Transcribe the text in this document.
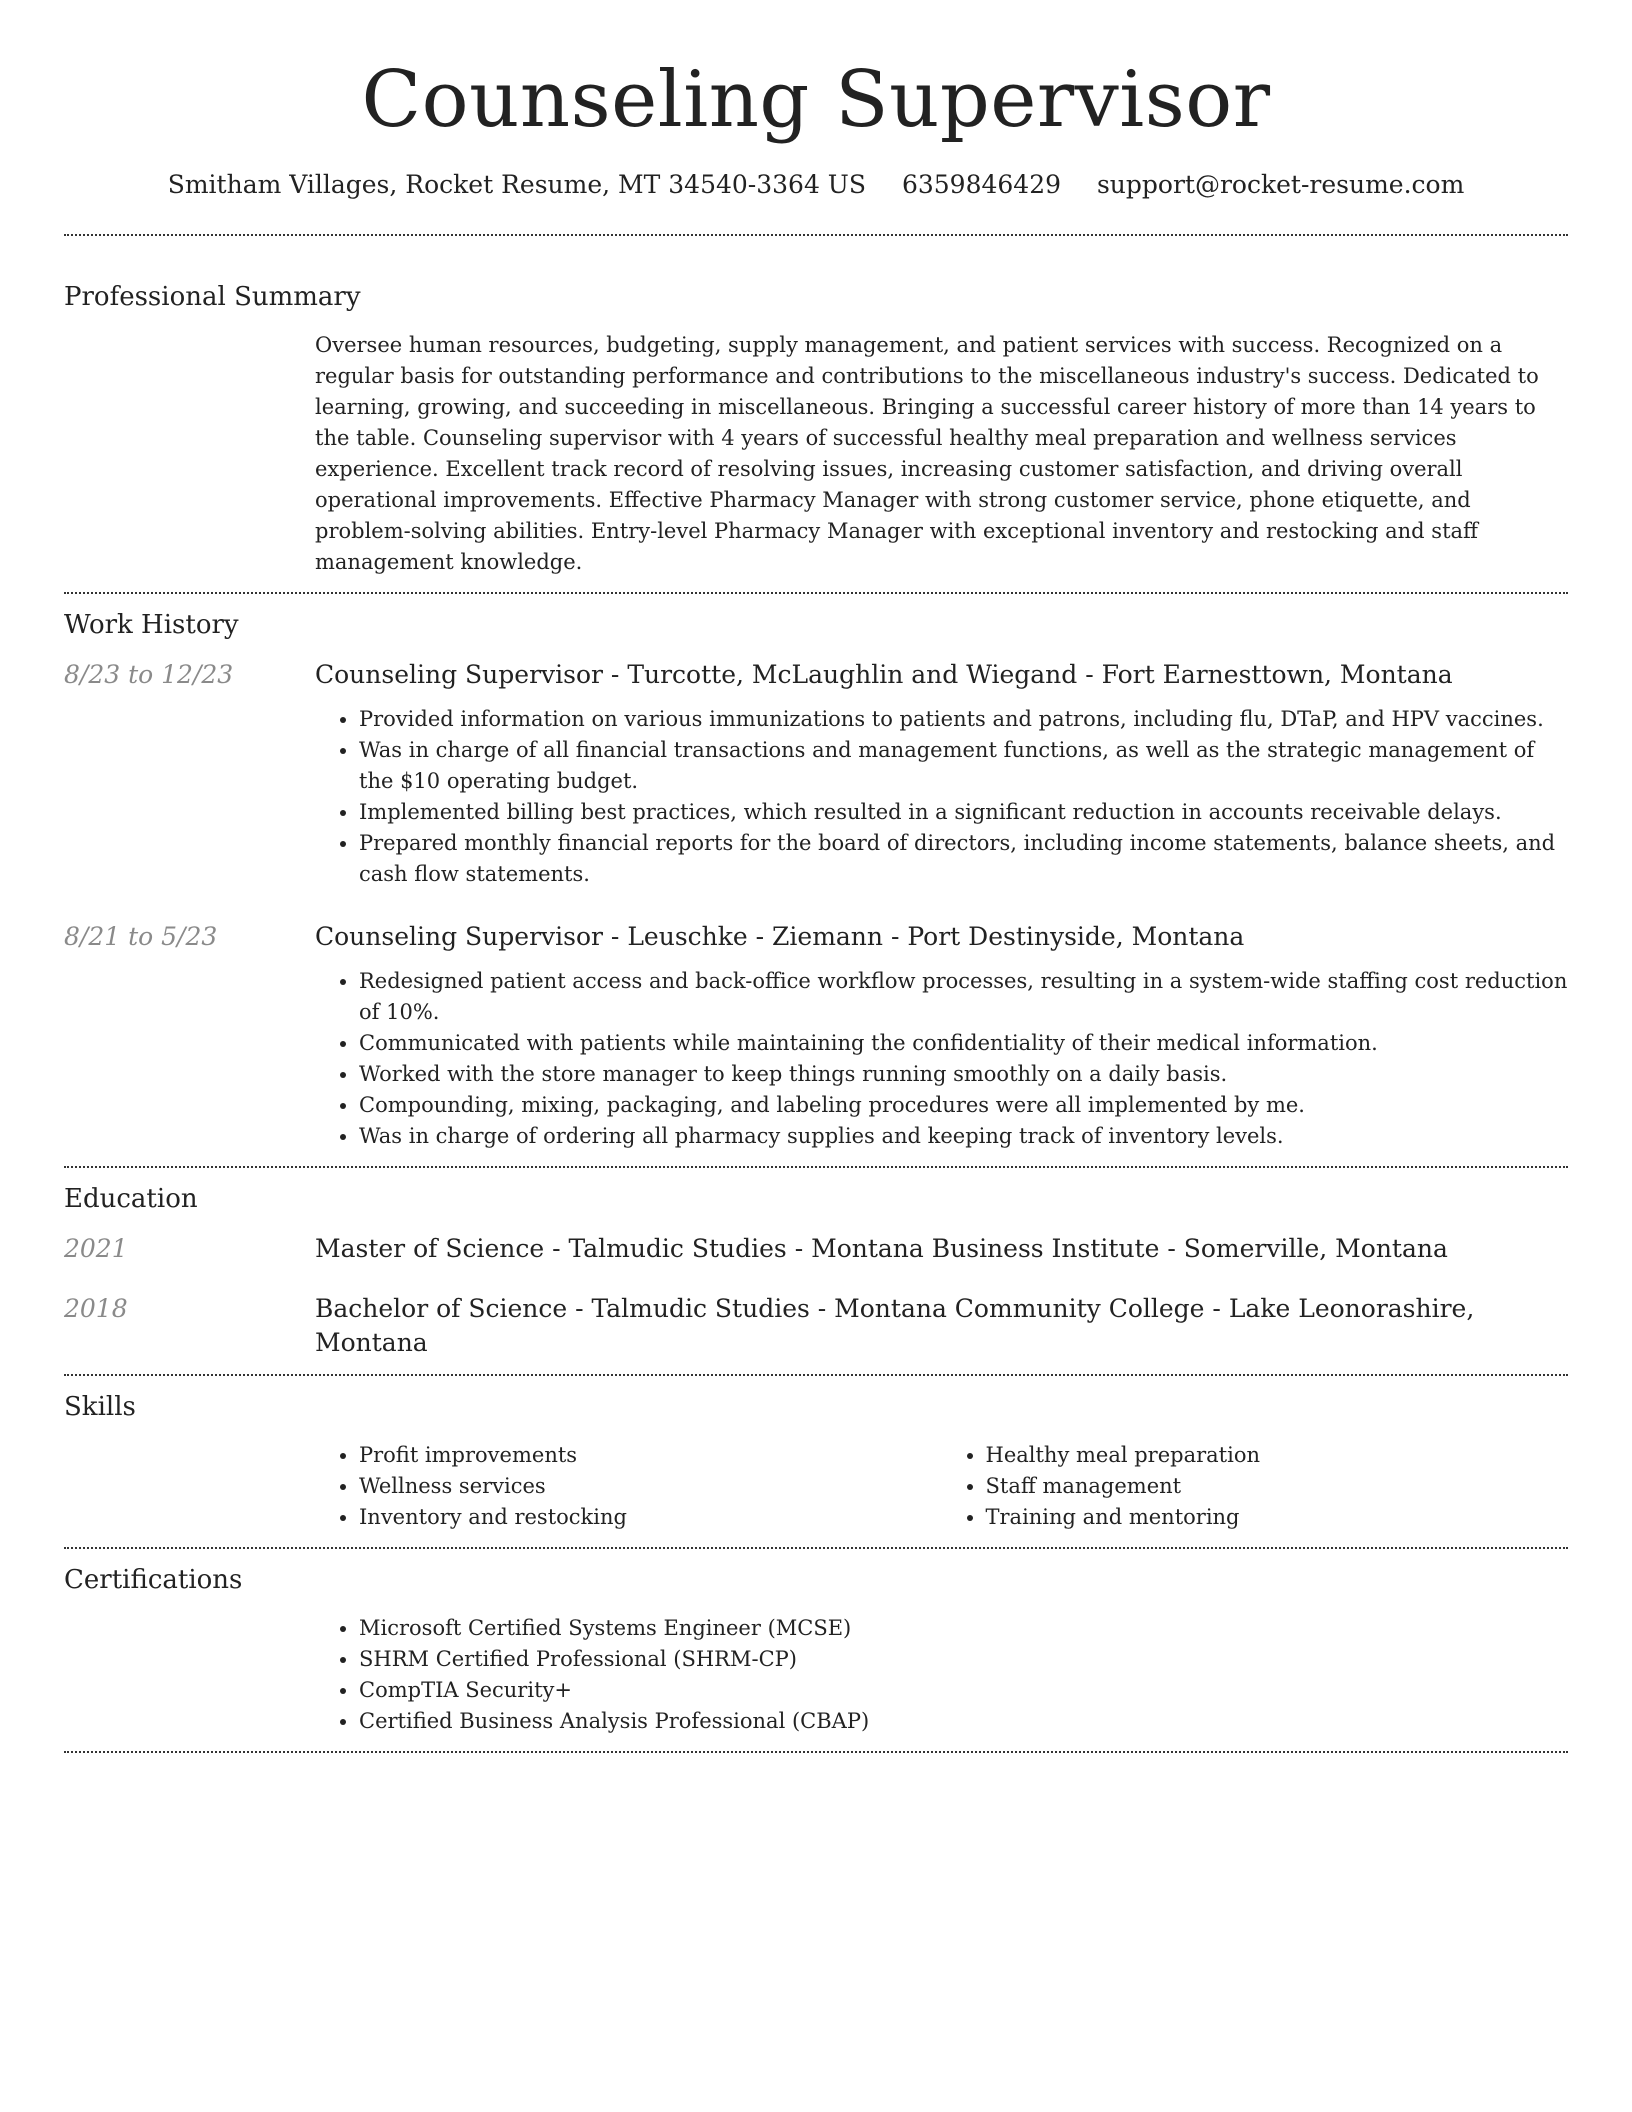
Counseling Supervisor
Smitham Villages, Rocket Resume, MT 34540-3364 US 6359846429 support@rocket-resume.com
Professional Summary

Oversee human resources, budgeting, supply management, and patient services with success. Recognized on a regular basis for outstanding performance and contributions to the miscellaneous industry's success. Dedicated to learning, growing, and succeeding in miscellaneous. Bringing a successful career history of more than 14 years to the table. Counseling supervisor with 4 years of successful healthy meal preparation and wellness services experience. Excellent track record of resolving issues, increasing customer satisfaction, and driving overall operational improvements. Effective Pharmacy Manager with strong customer service, phone etiquette, and problem-solving abilities. Entry-level Pharmacy Manager with exceptional inventory and restocking and staff management knowledge.

Work History
8/23 to 12/23	Counseling Supervisor - Turcotte, McLaughlin and Wiegand - Fort Earnesttown, Montana
• Provided information on various immunizations to patients and patrons, including flu, DTaP, and HPV vaccines.
• Was in charge of all financial transactions and management functions, as well as the strategic management of the $10 operating budget.
• Implemented billing best practices, which resulted in a significant reduction in accounts receivable delays.
• Prepared monthly financial reports for the board of directors, including income statements, balance sheets, and cash flow statements.
8/21 to 5/23	Counseling Supervisor - Leuschke - Ziemann - Port Destinyside, Montana
• Redesigned patient access and back-office workflow processes, resulting in a system-wide staffing cost reduction of 10%.
• Communicated with patients while maintaining the confidentiality of their medical information.
• Worked with the store manager to keep things running smoothly on a daily basis.
• Compounding, mixing, packaging, and labeling procedures were all implemented by me.
• Was in charge of ordering all pharmacy supplies and keeping track of inventory levels.
Education
2021	Master of Science - Talmudic Studies - Montana Business Institute - Somerville, Montana
2018	Bachelor of Science - Talmudic Studies - Montana Community College - Lake Leonorashire, Montana
Skills
• Profit improvements
• Wellness services
• Inventory and restocking
• Healthy meal preparation
• Staff management
• Training and mentoring
Certifications
• Microsoft Certified Systems Engineer (MCSE)
• SHRM Certified Professional (SHRM-CP)
• CompTIA Security+
• Certified Business Analysis Professional (CBAP)
